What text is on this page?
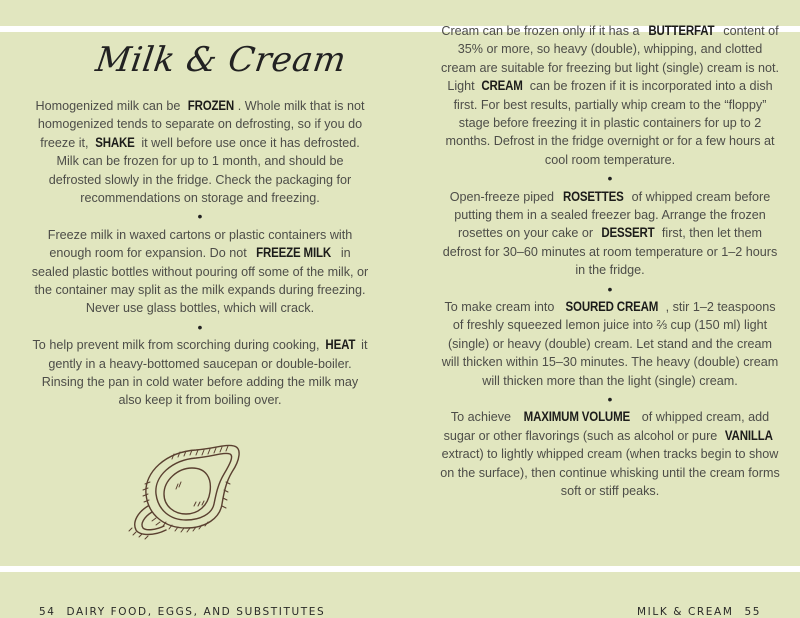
Milk & Cream

Homogenized milk can be FROZEN . Whole milk that is not homogenized tends to separate on defrosting, so if you do freeze it, SHAKE it well before use once it has defrosted. Milk can be frozen for up to 1 month, and should be defrosted slowly in the fridge. Check the packaging for recommendations on storage and freezing.

•

Freeze milk in waxed cartons or plastic containers with enough room for expansion. Do not FREEZE MILK in sealed plastic bottles without pouring off some of the milk, or the container may split as the milk expands during freezing. Never use glass bottles, which will crack.

•

To help prevent milk from scorching during cooking, HEAT it gently in a heavy-bottomed saucepan or double-boiler. Rinsing the pan in cold water before adding the milk may also keep it from boiling over.

54 DAIRY FOOD, EGGS, AND SUBSTITUTES

Cream can be frozen only if it has a BUTTERFAT content of 35% or more, so heavy (double), whipping, and clotted cream are suitable for freezing but light (single) cream is not. Light CREAM can be frozen if it is incorporated into a dish first. For best results, partially whip cream to the “floppy” stage before freezing it in plastic containers for up to 2 months. Defrost in the fridge overnight or for a few hours at cool room temperature.

•

Open-freeze piped ROSETTES of whipped cream before putting them in a sealed freezer bag. Arrange the frozen rosettes on your cake or DESSERT first, then let them defrost for 30–60 minutes at room temperature or 1–2 hours in the fridge.

•

To make cream into SOURED CREAM , stir 1–2 teaspoons of freshly squeezed lemon juice into ⅔ cup (150 ml) light (single) or heavy (double) cream. Let stand and the cream will thicken within 15–30 minutes. The heavy (double) cream will thicken more than the light (single) cream.

•

To achieve MAXIMUM VOLUME of whipped cream, add sugar or other flavorings (such as alcohol or pure VANILLA extract) to lightly whipped cream (when tracks begin to show on the surface), then continue whisking until the cream forms soft or stiff peaks.

MILK & CREAM 55
